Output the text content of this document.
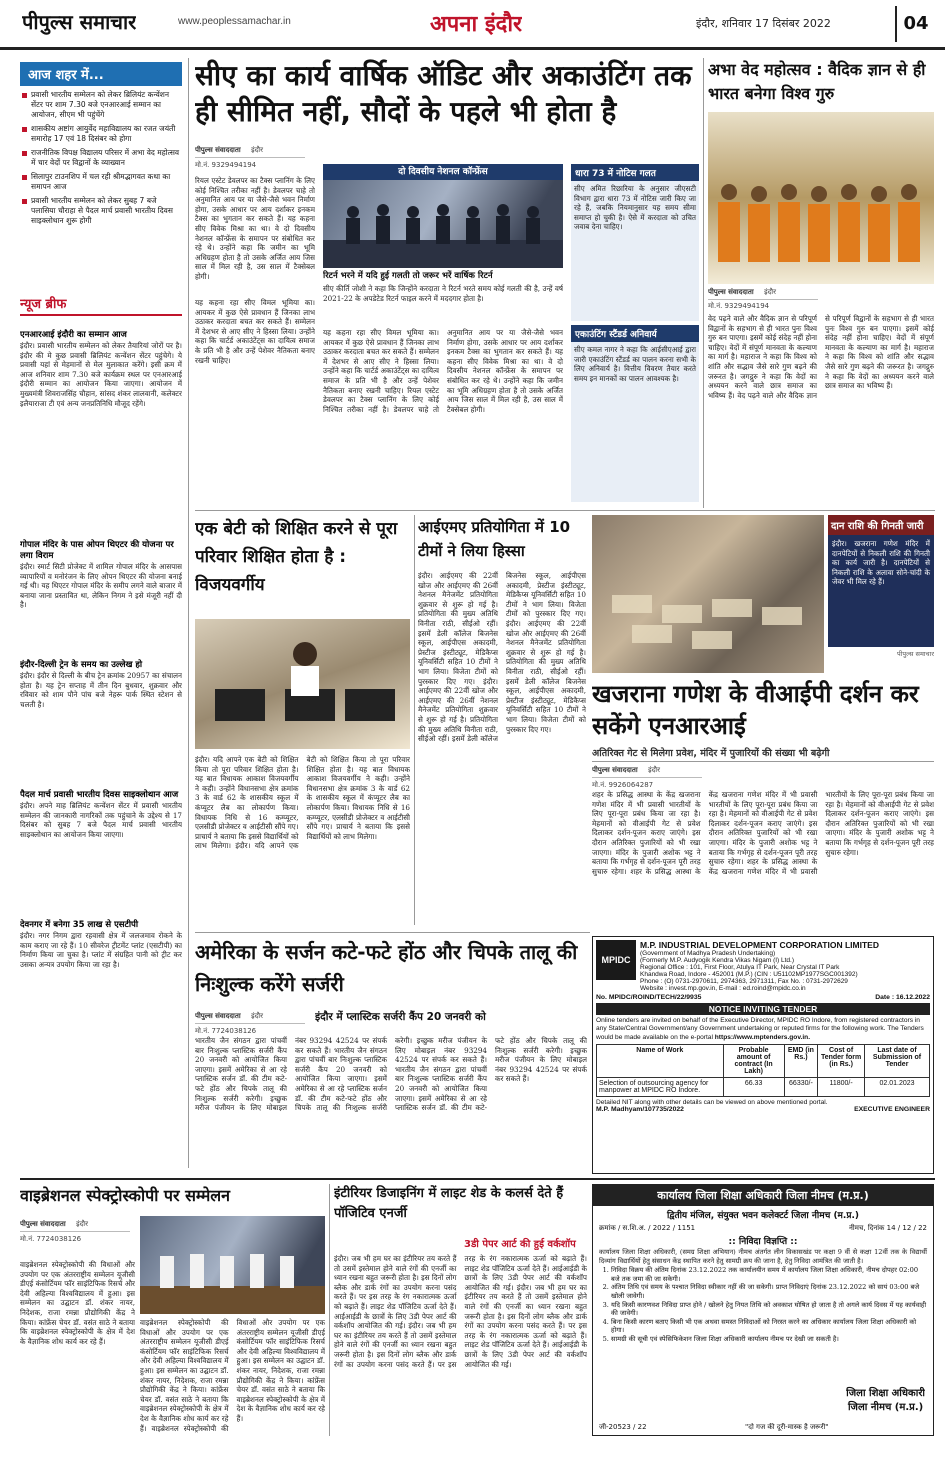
पीपुल्स समाचार	www.peoplessamachar.in	अपना इंदौर	इंदौर, शनिवार 17 दिसंबर 2022	04
आज शहर में...
प्रवासी भारतीय सम्मेलन को लेकर ब्रिलियंट कन्वेंशन सेंटर पर शाम 7.30 बजे एनआरआई सम्मान का आयोजन, सीएम भी पहुंचेंगे
शासकीय अष्टांग आयुर्वेद महाविद्यालय का रजत जयंती समारोह 17 एवं 18 दिसंबर को होगा
राजनीतिक विपक्ष विद्यालय परिसर में अभा वेद महोत्सव में चार वेदों पर विद्वानों के व्याख्यान
सिलापुर टाउनशिप में चल रही श्रीमद्भागवत कथा का समापन आज
प्रवासी भारतीय सम्मेलन को लेकर सुबह 7 बजे पलासिया चौराहा से पैदल मार्च प्रवासी भारतीय दिवस साइक्लोथान शुरू होगी
न्यूज ब्रीफ
एनआरआई इंदौरी का सम्मान आज
इंदौर। प्रवासी भारतीय सम्मेलन को लेकर तैयारियां जोरों पर है। इंदौर की मे कुछ प्रवासी ब्रिलियंट कन्वेंशन सेंटर पहुंचेगे। ये प्रवासी यहां से मेहमानों से मेल मुलाकात करेंगे। इसी क्रम में आज शनिवार शाम 7.30 बजे कार्यक्रम स्थल पर एनआरआई इंदौरी सम्मान का आयोजन किया जाएगा। आयोजन में मुख्यमंत्री शिवराजसिंह चौहान, सांसद शंकर लालवानी, कलेक्टर इलैयाराजा टी एवं अन्य जनप्रतिनिधि मौजूद रहेंगे।
गोपाल मंदिर के पास ओपन थिएटर की योजना पर लगा विराम
इंदौर। स्मार्ट सिटी प्रोजेक्ट में शामिल गोपाल मंदिर के आसपास व्यापारियों व मनोरंजन के लिए ओपन थिएटर की योजना बनाई गई थी। यह थिएटर गोपाल मंदिर के समीप लगने वाले बाजार में बनाया जाना प्रस्तावित था, लेकिन निगम ने इसे मंजूरी नहीं दी है।
इंदौर-दिल्ली ट्रेन के समय का उल्लेख हो
इंदौर। इंदौर से दिल्ली के बीच ट्रेन क्रमांक 20957 का संचालन होता है। यह ट्रेन सप्ताह में तीन दिन बुधवार, शुक्रवार और रविवार को शाम पौने पांच बजे नेहरू पार्क स्थित स्टेशन से चलती है।
पैदल मार्च प्रवासी भारतीय दिवस साइक्लोथान आज
इंदौर। अपने माह ब्रिलियंट कन्वेंशन सेंटर में प्रवासी भारतीय सम्मेलन की जानकारी नागरिकों तक पहुंचाने के उद्देश्य से 17 दिसंबर को सुबह 7 बजे पैदल मार्च प्रवासी भारतीय साइक्लोथान का आयोजन किया जाएगा।
देवनगर में बनेगा 35 लाख से एसटीपी
इंदौर। नगर निगम द्वारा रहवासी क्षेत्र में जलजमाव रोकने के काम कराए जा रहे हैं। 10 सीवरेज ट्रीटमेंट प्लांट (एसटीपी) का निर्माण किया जा चुका है। प्लांट में संग्रहित पानी को ट्रीट कर उसका अन्यत्र उपयोग किया जा रहा है।
सीए का कार्य वार्षिक ऑडिट और अकाउंटिंग तक ही सीमित नहीं, सौदों के पहले भी होता है
पीपुल्स संवाददाता इंदौर
मो.नं. 9329494194
रियल एस्टेट डेवलपर का टैक्स प्लानिंग के लिए कोई निश्चित तरीका नहीं है। डेवलपर चाहे तो अनुमानित आय पर या जैसे-जैसे भवन निर्माण होगा, उसके आधार पर आय दर्शाकर इनकम टैक्स का भुगतान कर सकते हैं। यह कहना सीए विवेक मिश्रा का था। वे दो दिवसीय नेशनल कॉन्फ्रेंस के समापन पर संबोधित कर रहे थे। उन्होंने कहा कि जमीन का भूमि अधिग्रहण होता है तो उसके अर्जित आय जिस साल में मिल रही है, उस साल में टैक्सेबल होगी।
यह कहना रहा सीए विमल भूमिया का। आयकर में कुछ ऐसे प्रावधान हैं जिनका लाभ उठाकर करदाता बचत कर सकते हैं। सम्मेलन में देशभर से आए सीए ने हिस्सा लिया। उन्होंने कहा कि चार्टर्ड अकाउंटेंट्स का दायित्व समाज के प्रति भी है और उन्हें पेशेवर नैतिकता बनाए रखनी चाहिए।
दो दिवसीय नेशनल कॉन्फ्रेंस
रिटर्न भरने में यदि हुई गलती तो जरूर भरें वार्षिक रिटर्न
सीए कीर्ति जोशी ने कहा कि जिन्होंने करदाता ने रिटर्न भरते समय कोई गलती की है, उन्हें वर्ष 2021-22 के अपडेटेड रिटर्न फाइल करने में मददगार होता है।
यह कहना रहा सीए विमल भूमिया का। आयकर में कुछ ऐसे प्रावधान हैं जिनका लाभ उठाकर करदाता बचत कर सकते हैं। सम्मेलन में देशभर से आए सीए ने हिस्सा लिया। उन्होंने कहा कि चार्टर्ड अकाउंटेंट्स का दायित्व समाज के प्रति भी है और उन्हें पेशेवर नैतिकता बनाए रखनी चाहिए। रियल एस्टेट डेवलपर का टैक्स प्लानिंग के लिए कोई निश्चित तरीका नहीं है। डेवलपर चाहे तो अनुमानित आय पर या जैसे-जैसे भवन निर्माण होगा, उसके आधार पर आय दर्शाकर इनकम टैक्स का भुगतान कर सकते हैं। यह कहना सीए विवेक मिश्रा का था। वे दो दिवसीय नेशनल कॉन्फ्रेंस के समापन पर संबोधित कर रहे थे। उन्होंने कहा कि जमीन का भूमि अधिग्रहण होता है तो उसके अर्जित आय जिस साल में मिल रही है, उस साल में टैक्सेबल होगी।
धारा 73 में नोटिस गलत
सीए अमित रिछारिया के अनुसार जीएसटी विभाग द्वारा धारा 73 में नोटिस जारी किए जा रहे हैं, जबकि नियमानुसार यह समय सीमा समाप्त हो चुकी है। ऐसे में करदाता को उचित जवाब देना चाहिए।
एकाउंटिंग स्टैंडर्ड अनिवार्य
सीए कमल नागर ने कहा कि आईसीएआई द्वारा जारी एकाउंटिंग स्टैंडर्ड का पालन करना सभी के लिए अनिवार्य है। वित्तीय विवरण तैयार करते समय इन मानकों का पालन आवश्यक है।
अभा वेद महोत्सव : वैदिक ज्ञान से ही भारत बनेगा विश्व गुरु
पीपुल्स संवाददाता इंदौर
मो.नं. 9329494194
वेद पढ़ने वाले और वैदिक ज्ञान से परिपूर्ण विद्वानों के सहभाग से ही भारत पुनः विश्व गुरु बन पाएगा। इसमें कोई संदेह नहीं होना चाहिए। वेदों में संपूर्ण मानवता के कल्याण का मार्ग है। महाराज ने कहा कि विश्व को शांति और सद्भाव जैसे सारे गुण बढ़ने की जरूरत है। जगद्गुरु ने कहा कि वेदों का अध्ययन करने वाले छात्र समाज का भविष्य हैं। वेद पढ़ने वाले और वैदिक ज्ञान से परिपूर्ण विद्वानों के सहभाग से ही भारत पुनः विश्व गुरु बन पाएगा। इसमें कोई संदेह नहीं होना चाहिए। वेदों में संपूर्ण मानवता के कल्याण का मार्ग है। महाराज ने कहा कि विश्व को शांति और सद्भाव जैसे सारे गुण बढ़ने की जरूरत है। जगद्गुरु ने कहा कि वेदों का अध्ययन करने वाले छात्र समाज का भविष्य हैं।
एक बेटी को शिक्षित करने से पूरा परिवार शिक्षित होता है : विजयवर्गीय
इंदौर। यदि आपने एक बेटी को शिक्षित किया तो पूरा परिवार शिक्षित होता है। यह बात विधायक आकाश विजयवर्गीय ने कही। उन्होंने विधानसभा क्षेत्र क्रमांक 3 के वार्ड 62 के शासकीय स्कूल में कंप्यूटर लैब का लोकार्पण किया। विधायक निधि से 16 कम्प्यूटर, एलसीडी प्रोजेक्टर व आईटीसी सौंपे गए। प्राचार्य ने बताया कि इससे विद्यार्थियों को लाभ मिलेगा। इंदौर। यदि आपने एक बेटी को शिक्षित किया तो पूरा परिवार शिक्षित होता है। यह बात विधायक आकाश विजयवर्गीय ने कही। उन्होंने विधानसभा क्षेत्र क्रमांक 3 के वार्ड 62 के शासकीय स्कूल में कंप्यूटर लैब का लोकार्पण किया। विधायक निधि से 16 कम्प्यूटर, एलसीडी प्रोजेक्टर व आईटीसी सौंपे गए। प्राचार्य ने बताया कि इससे विद्यार्थियों को लाभ मिलेगा।
आईएमए प्रतियोगिता में 10 टीमों ने लिया हिस्सा
इंदौर। आईएमए की 22वीं खोज और आईएमए की 26वीं नेशनल मैनेजमेंट प्रतियोगिता शुक्रवार से शुरू हो गई है। प्रतियोगिता की मुख्य अतिथि विनीता राठी, सीईओ रहीं। इसमें डेली कॉलेज बिजनेस स्कूल, आईपीएस अकादमी, प्रेस्टीज इंस्टीट्यूट, मेडिकैप्स यूनिवर्सिटी सहित 10 टीमों ने भाग लिया। विजेता टीमों को पुरस्कार दिए गए। इंदौर। आईएमए की 22वीं खोज और आईएमए की 26वीं नेशनल मैनेजमेंट प्रतियोगिता शुक्रवार से शुरू हो गई है। प्रतियोगिता की मुख्य अतिथि विनीता राठी, सीईओ रहीं। इसमें डेली कॉलेज बिजनेस स्कूल, आईपीएस अकादमी, प्रेस्टीज इंस्टीट्यूट, मेडिकैप्स यूनिवर्सिटी सहित 10 टीमों ने भाग लिया। विजेता टीमों को पुरस्कार दिए गए। इंदौर। आईएमए की 22वीं खोज और आईएमए की 26वीं नेशनल मैनेजमेंट प्रतियोगिता शुक्रवार से शुरू हो गई है। प्रतियोगिता की मुख्य अतिथि विनीता राठी, सीईओ रहीं। इसमें डेली कॉलेज बिजनेस स्कूल, आईपीएस अकादमी, प्रेस्टीज इंस्टीट्यूट, मेडिकैप्स यूनिवर्सिटी सहित 10 टीमों ने भाग लिया। विजेता टीमों को पुरस्कार दिए गए।
दान राशि की गिनती जारी
इंदौर। खजराना गणेश मंदिर में दानपेटियों से निकली राशि की गिनती का कार्य जारी है। दानपेटियों से निकली राशि के अलावा सोने-चांदी के जेवर भी मिल रहे हैं।
पीपुल्स समाचार
खजराना गणेश के वीआईपी दर्शन कर सकेंगे एनआरआई
अतिरिक्त गेट से मिलेगा प्रवेश, मंदिर में पुजारियों की संख्या भी बढ़ेगी
पीपुल्स संवाददाता इंदौर
मो.नं. 9926064287
शहर के प्रसिद्ध आस्था के केंद्र खजराना गणेश मंदिर में भी प्रवासी भारतीयों के लिए पूरा-पूरा प्रबंध किया जा रहा है। मेहमानों को वीआईपी गेट से प्रवेश दिलाकर दर्शन-पूजन कराए जाएंगे। इस दौरान अतिरिक्त पुजारियों को भी रखा जाएगा। मंदिर के पुजारी अशोक भट्ट ने बताया कि गर्भगृह से दर्शन-पूजन पूरी तरह सुचारु रहेगा। शहर के प्रसिद्ध आस्था के केंद्र खजराना गणेश मंदिर में भी प्रवासी भारतीयों के लिए पूरा-पूरा प्रबंध किया जा रहा है। मेहमानों को वीआईपी गेट से प्रवेश दिलाकर दर्शन-पूजन कराए जाएंगे। इस दौरान अतिरिक्त पुजारियों को भी रखा जाएगा। मंदिर के पुजारी अशोक भट्ट ने बताया कि गर्भगृह से दर्शन-पूजन पूरी तरह सुचारु रहेगा। शहर के प्रसिद्ध आस्था के केंद्र खजराना गणेश मंदिर में भी प्रवासी भारतीयों के लिए पूरा-पूरा प्रबंध किया जा रहा है। मेहमानों को वीआईपी गेट से प्रवेश दिलाकर दर्शन-पूजन कराए जाएंगे। इस दौरान अतिरिक्त पुजारियों को भी रखा जाएगा। मंदिर के पुजारी अशोक भट्ट ने बताया कि गर्भगृह से दर्शन-पूजन पूरी तरह सुचारु रहेगा।
अमेरिका के सर्जन कटे-फटे होंठ और चिपके तालू की निःशुल्क करेंगे सर्जरी
पीपुल्स संवाददाता इंदौर
मो.नं. 7724038126
इंदौर में प्लास्टिक सर्जरी कैंप 20 जनवरी को
भारतीय जैन संगठन द्वारा पांचवीं बार निःशुल्क प्लास्टिक सर्जरी कैंप 20 जनवरी को आयोजित किया जाएगा। इसमें अमेरिका से आ रहे प्लास्टिक सर्जन डॉ. की टीम कटे-फटे होंठ और चिपके तालू की निःशुल्क सर्जरी करेगी। इच्छुक मरीज पंजीयन के लिए मोबाइल नंबर 93294 42524 पर संपर्क कर सकते हैं। भारतीय जैन संगठन द्वारा पांचवीं बार निःशुल्क प्लास्टिक सर्जरी कैंप 20 जनवरी को आयोजित किया जाएगा। इसमें अमेरिका से आ रहे प्लास्टिक सर्जन डॉ. की टीम कटे-फटे होंठ और चिपके तालू की निःशुल्क सर्जरी करेगी। इच्छुक मरीज पंजीयन के लिए मोबाइल नंबर 93294 42524 पर संपर्क कर सकते हैं। भारतीय जैन संगठन द्वारा पांचवीं बार निःशुल्क प्लास्टिक सर्जरी कैंप 20 जनवरी को आयोजित किया जाएगा। इसमें अमेरिका से आ रहे प्लास्टिक सर्जन डॉ. की टीम कटे-फटे होंठ और चिपके तालू की निःशुल्क सर्जरी करेगी। इच्छुक मरीज पंजीयन के लिए मोबाइल नंबर 93294 42524 पर संपर्क कर सकते हैं।
MPIDC
M.P. INDUSTRIAL DEVELOPMENT CORPORATION LIMITED
(Government of Madhya Pradesh Undertaking)
(Formerly M.P. Audyogik Kendra Vikas Nigam (I) Ltd.)
Regional Office : 101, First Floor, Atulya IT Park, Near Crystal IT Park
Khandwa Road, Indore - 452001 (M.P.) (CIN : U51102MP1977SGC001392)
Phone : (O) 0731-2970611, 2974363, 2971311, Fax No. : 0731-2972629
Website : invest.mp.gov.in, E-mail : ed.roind@mpidc.co.in
No. MPIDC/ROIND/TECH/22/9935	Date : 16.12.2022
NOTICE INVITING TENDER
Online tenders are invited on behalf of the Executive Director, MPIDC RO Indore, from registered contractors in any State/Central Government/any Government undertaking or reputed firms for the following work. The Tenders would be made available on the e-portal https://www.mptenders.gov.in.
Name of Work	Probable amount of contract (In Lakh)	EMD (in Rs.)	Cost of Tender form (in Rs.)	Last date of Submission of Tender
Selection of outsourcing agency for manpower at MPIDC RO Indore.	66.33	66330/-	11800/-	02.01.2023
Detailed NIT along with other details can be viewed on above mentioned portal.
M.P. Madhyam/107735/2022	EXECUTIVE ENGINEER
वाइब्रेशनल स्पेक्ट्रोस्कोपी पर सम्मेलन
पीपुल्स संवाददाता इंदौर
मो.नं. 7724038126
वाइब्रेशनल स्पेक्ट्रोस्कोपी की विधाओं और उपयोग पर एक अंतरराष्ट्रीय सम्मेलन यूजीसी डीएई कंसोर्टियम फॉर साइंटिफिक रिसर्च और देवी अहिल्या विश्वविद्यालय में हुआ। इस सम्मेलन का उद्घाटन डॉ. शंकर नायर, निदेशक, राजा रमन्ना प्रौद्योगिकी केंद्र ने किया। कांफ्रेंस चेयर डॉ. वसंत साठे ने बताया कि वाइब्रेशनल स्पेक्ट्रोस्कोपी के क्षेत्र में देश के वैज्ञानिक शोध कार्य कर रहे हैं।
वाइब्रेशनल स्पेक्ट्रोस्कोपी की विधाओं और उपयोग पर एक अंतरराष्ट्रीय सम्मेलन यूजीसी डीएई कंसोर्टियम फॉर साइंटिफिक रिसर्च और देवी अहिल्या विश्वविद्यालय में हुआ। इस सम्मेलन का उद्घाटन डॉ. शंकर नायर, निदेशक, राजा रमन्ना प्रौद्योगिकी केंद्र ने किया। कांफ्रेंस चेयर डॉ. वसंत साठे ने बताया कि वाइब्रेशनल स्पेक्ट्रोस्कोपी के क्षेत्र में देश के वैज्ञानिक शोध कार्य कर रहे हैं। वाइब्रेशनल स्पेक्ट्रोस्कोपी की विधाओं और उपयोग पर एक अंतरराष्ट्रीय सम्मेलन यूजीसी डीएई कंसोर्टियम फॉर साइंटिफिक रिसर्च और देवी अहिल्या विश्वविद्यालय में हुआ। इस सम्मेलन का उद्घाटन डॉ. शंकर नायर, निदेशक, राजा रमन्ना प्रौद्योगिकी केंद्र ने किया। कांफ्रेंस चेयर डॉ. वसंत साठे ने बताया कि वाइब्रेशनल स्पेक्ट्रोस्कोपी के क्षेत्र में देश के वैज्ञानिक शोध कार्य कर रहे हैं।
इंटीरियर डिजाइनिंग में लाइट शेड के कलर्स देते हैं पॉजिटिव एनर्जी
3डी पेपर आर्ट की हुई वर्कशॉप
इंदौर। जब भी हम घर का इंटीरियर तय करते हैं तो उसमें इस्तेमाल होने वाले रंगों की एनर्जी का ध्यान रखना बहुत जरूरी होता है। इस दिनों लोग ब्लैक और डार्क रंगों का उपयोग करना पसंद करते हैं। पर इस तरह के रंग नकारात्मक ऊर्जा को बढ़ाते हैं। लाइट शेड पॉजिटिव ऊर्जा देते हैं। आईआईडी के छात्रों के लिए 3डी पेपर आर्ट की वर्कशॉप आयोजित की गई। इंदौर। जब भी हम घर का इंटीरियर तय करते हैं तो उसमें इस्तेमाल होने वाले रंगों की एनर्जी का ध्यान रखना बहुत जरूरी होता है। इस दिनों लोग ब्लैक और डार्क रंगों का उपयोग करना पसंद करते हैं। पर इस तरह के रंग नकारात्मक ऊर्जा को बढ़ाते हैं। लाइट शेड पॉजिटिव ऊर्जा देते हैं। आईआईडी के छात्रों के लिए 3डी पेपर आर्ट की वर्कशॉप आयोजित की गई। इंदौर। जब भी हम घर का इंटीरियर तय करते हैं तो उसमें इस्तेमाल होने वाले रंगों की एनर्जी का ध्यान रखना बहुत जरूरी होता है। इस दिनों लोग ब्लैक और डार्क रंगों का उपयोग करना पसंद करते हैं। पर इस तरह के रंग नकारात्मक ऊर्जा को बढ़ाते हैं। लाइट शेड पॉजिटिव ऊर्जा देते हैं। आईआईडी के छात्रों के लिए 3डी पेपर आर्ट की वर्कशॉप आयोजित की गई।
कार्यालय जिला शिक्षा अधिकारी जिला नीमच (म.प्र.)
द्वितीय मंजिल, संयुक्त भवन कलेक्टर्ट जिला नीमच (म.प्र.)
क्रमांक / स.शि.अ. / 2022 / 1151	नीमच, दिनांक 14 / 12 / 22
:: निविदा विज्ञप्ति ::
कार्यालय जिला शिक्षा अधिकारी, (समग्र शिक्षा अभियान) नीमच अंतर्गत लीन विकासखंड पर कक्षा 9 वीं से कक्षा 12वीं तक के विद्यार्थी दिव्यांग विद्यार्थियों हेतु संसाधन केंद्र स्थापित करने हेतु सामग्री क्रय की जाना है, हेतु निविदा आमंत्रित की जाती है।
1. निविदा विक्रय की अंतिम दिनांक 23.12.2022 तक कार्यालयीन समय में कार्यालय जिला शिक्षा अधिकारी, नीमच दोपहर 02:00 बजे तक जमा की जा सकेगी।
2. अंतिम तिथि एवं समय के पश्चात निविदा स्वीकार नहीं की जा सकेगी। प्राप्त निविदाएं दिनांक 23.12.2022 को सायं 03:00 बजे खोली जावेगी।
3. यदि किसी कारणवश निविदा प्राप्त होने / खोलने हेतु नियत तिथि को अवकाश घोषित हो जाता है तो अगले कार्य दिवस में यह कार्यवाही की जावेगी।
4. बिना किसी कारण बताए किसी भी एक अथवा समस्त निविदाओं को निरस्त करने का अधिकार कार्यालय जिला शिक्षा अधिकारी को होगा।
5. सामग्री की सूची एवं स्पेसिफिकेशन जिला शिक्षा अधिकारी कार्यालय नीमच पर देखी जा सकती है।
जिला शिक्षा अधिकारी
जिला नीमच (म.प्र.)
जी-20523 / 22	"दो गज की दूरी-मास्क है जरूरी"
